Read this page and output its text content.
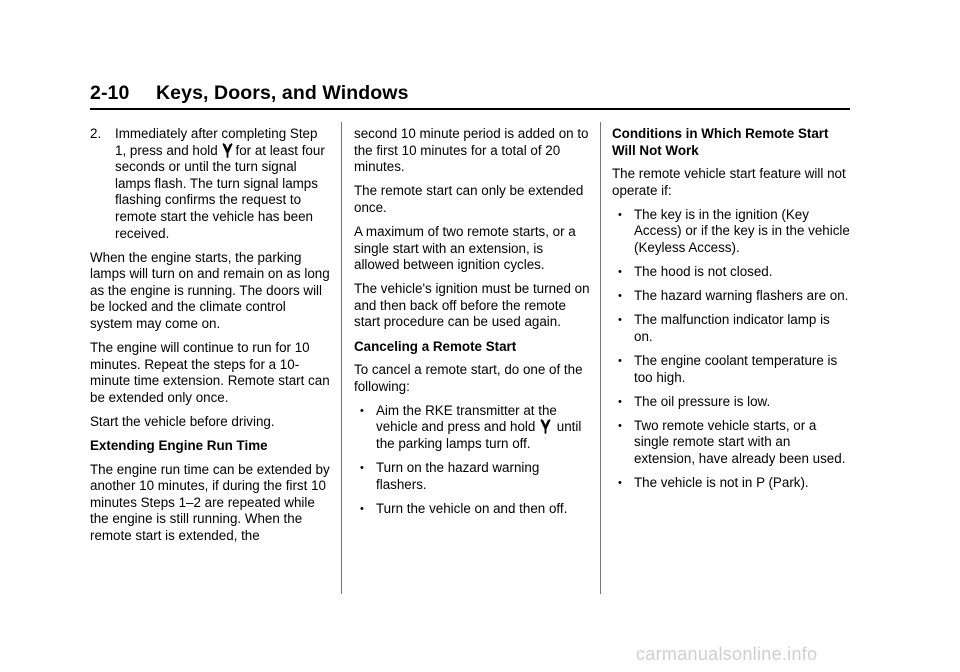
2-10 Keys, Doors, and Windows

2. Immediately after completing Step 1, press and hold for at least four seconds or until the turn signal lamps flash. The turn signal lamps flashing confirms the request to remote start the vehicle has been received.

When the engine starts, the parking lamps will turn on and remain on as long as the engine is running. The doors will be locked and the climate control system may come on.

The engine will continue to run for 10 minutes. Repeat the steps for a 10-minute time extension. Remote start can be extended only once.

Start the vehicle before driving.

Extending Engine Run Time

The engine run time can be extended by another 10 minutes, if during the first 10 minutes Steps 1–2 are repeated while the engine is still running. When the remote start is extended, the

second 10 minute period is added on to the first 10 minutes for a total of 20 minutes.

The remote start can only be extended once.

A maximum of two remote starts, or a single start with an extension, is allowed between ignition cycles.

The vehicle's ignition must be turned on and then back off before the remote start procedure can be used again.

Canceling a Remote Start

To cancel a remote start, do one of the following:

• Aim the RKE transmitter at the vehicle and press and hold until the parking lamps turn off.
• Turn on the hazard warning flashers.
• Turn the vehicle on and then off.

Conditions in Which Remote Start Will Not Work

The remote vehicle start feature will not operate if:

• The key is in the ignition (Key Access) or if the key is in the vehicle (Keyless Access).
• The hood is not closed.
• The hazard warning flashers are on.
• The malfunction indicator lamp is on.
• The engine coolant temperature is too high.
• The oil pressure is low.
• Two remote vehicle starts, or a single remote start with an extension, have already been used.
• The vehicle is not in P (Park).
carmanualsonline.info
